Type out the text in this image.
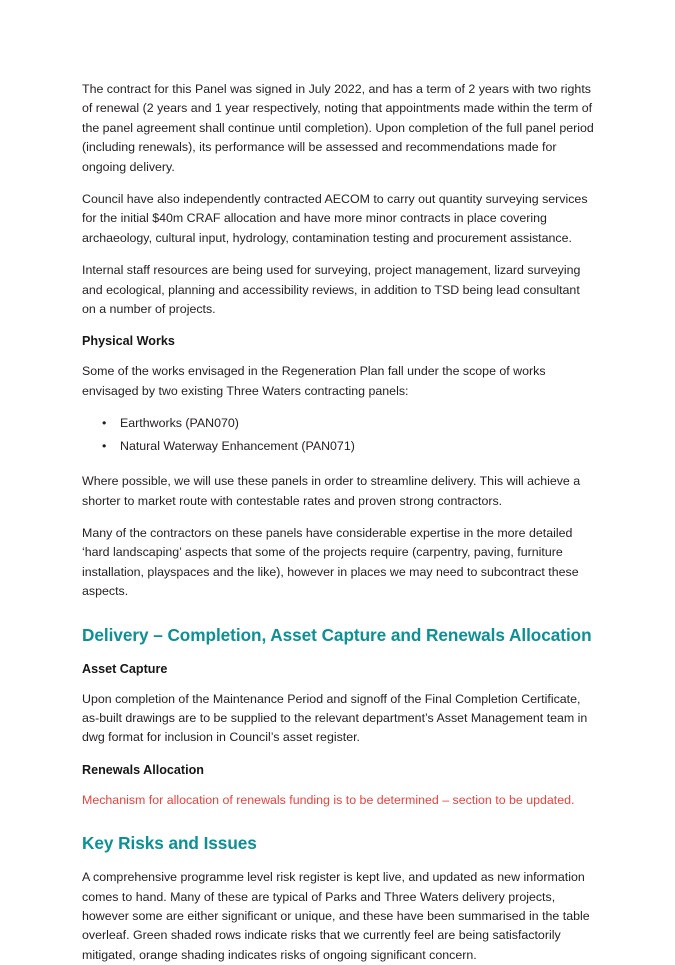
The contract for this Panel was signed in July 2022, and has a term of 2 years with two rights of renewal (2 years and 1 year respectively, noting that appointments made within the term of the panel agreement shall continue until completion). Upon completion of the full panel period (including renewals), its performance will be assessed and recommendations made for ongoing delivery.

Council have also independently contracted AECOM to carry out quantity surveying services for the initial $40m CRAF allocation and have more minor contracts in place covering archaeology, cultural input, hydrology, contamination testing and procurement assistance.

Internal staff resources are being used for surveying, project management, lizard surveying and ecological, planning and accessibility reviews, in addition to TSD being lead consultant on a number of projects.

Physical Works

Some of the works envisaged in the Regeneration Plan fall under the scope of works envisaged by two existing Three Waters contracting panels:

• Earthworks (PAN070)
• Natural Waterway Enhancement (PAN071)

Where possible, we will use these panels in order to streamline delivery. This will achieve a shorter to market route with contestable rates and proven strong contractors.

Many of the contractors on these panels have considerable expertise in the more detailed ‘hard landscaping’ aspects that some of the projects require (carpentry, paving, furniture installation, playspaces and the like), however in places we may need to subcontract these aspects.

Delivery – Completion, Asset Capture and Renewals Allocation
Asset Capture

Upon completion of the Maintenance Period and signoff of the Final Completion Certificate, as-built drawings are to be supplied to the relevant department’s Asset Management team in dwg format for inclusion in Council’s asset register.

Renewals Allocation

Mechanism for allocation of renewals funding is to be determined – section to be updated.

Key Risks and Issues

A comprehensive programme level risk register is kept live, and updated as new information comes to hand. Many of these are typical of Parks and Three Waters delivery projects, however some are either significant or unique, and these have been summarised in the table overleaf. Green shaded rows indicate risks that we currently feel are being satisfactorily mitigated, orange shading indicates risks of ongoing significant concern.
